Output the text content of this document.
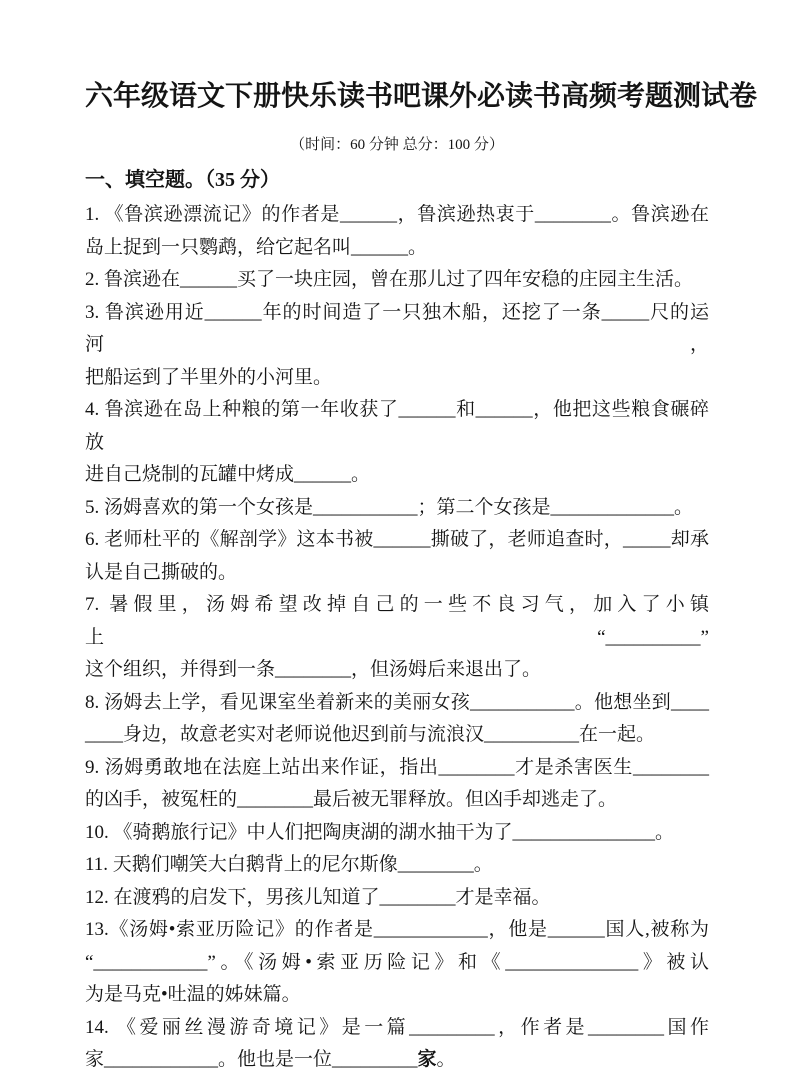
六年级语文下册快乐读书吧课外必读书高频考题测试卷
（时间：60 分钟 总分：100 分）
一、填空题。（35 分）
1. 《鲁滨逊漂流记》的作者是______，鲁滨逊热衷于________。鲁滨逊在
岛上捉到一只鹦鹉，给它起名叫______。
2. 鲁滨逊在______买了一块庄园，曾在那儿过了四年安稳的庄园主生活。
3. 鲁滨逊用近______年的时间造了一只独木船，还挖了一条_____尺的运河，
把船运到了半里外的小河里。
4. 鲁滨逊在岛上种粮的第一年收获了______和______，他把这些粮食碾碎放
进自己烧制的瓦罐中烤成______。
5. 汤姆喜欢的第一个女孩是___________；第二个女孩是_____________。
6. 老师杜平的《解剖学》这本书被______撕破了，老师追查时，_____却承
认是自己撕破的。
7. 暑假里，汤姆希望改掉自己的一些不良习气，加入了小镇上“__________”
这个组织，并得到一条________，但汤姆后来退出了。
8. 汤姆去上学，看见课室坐着新来的美丽女孩___________。他想坐到____
____身边，故意老实对老师说他迟到前与流浪汉__________在一起。
9. 汤姆勇敢地在法庭上站出来作证，指出________才是杀害医生________
的凶手，被冤枉的________最后被无罪释放。但凶手却逃走了。
10. 《骑鹅旅行记》中人们把陶庚湖的湖水抽干为了_______________。
11. 天鹅们嘲笑大白鹅背上的尼尔斯像________。
12. 在渡鸦的启发下，男孩儿知道了________才是幸福。
13.《汤姆•索亚历险记》的作者是____________，他是______国人,被称为
“____________”。《汤姆•索亚历险记》和《______________》被认
为是马克•吐温的姊妹篇。
14. 《爱丽丝漫游奇境记》是一篇_________，作者是________国作
家____________。他也是一位_________家。
